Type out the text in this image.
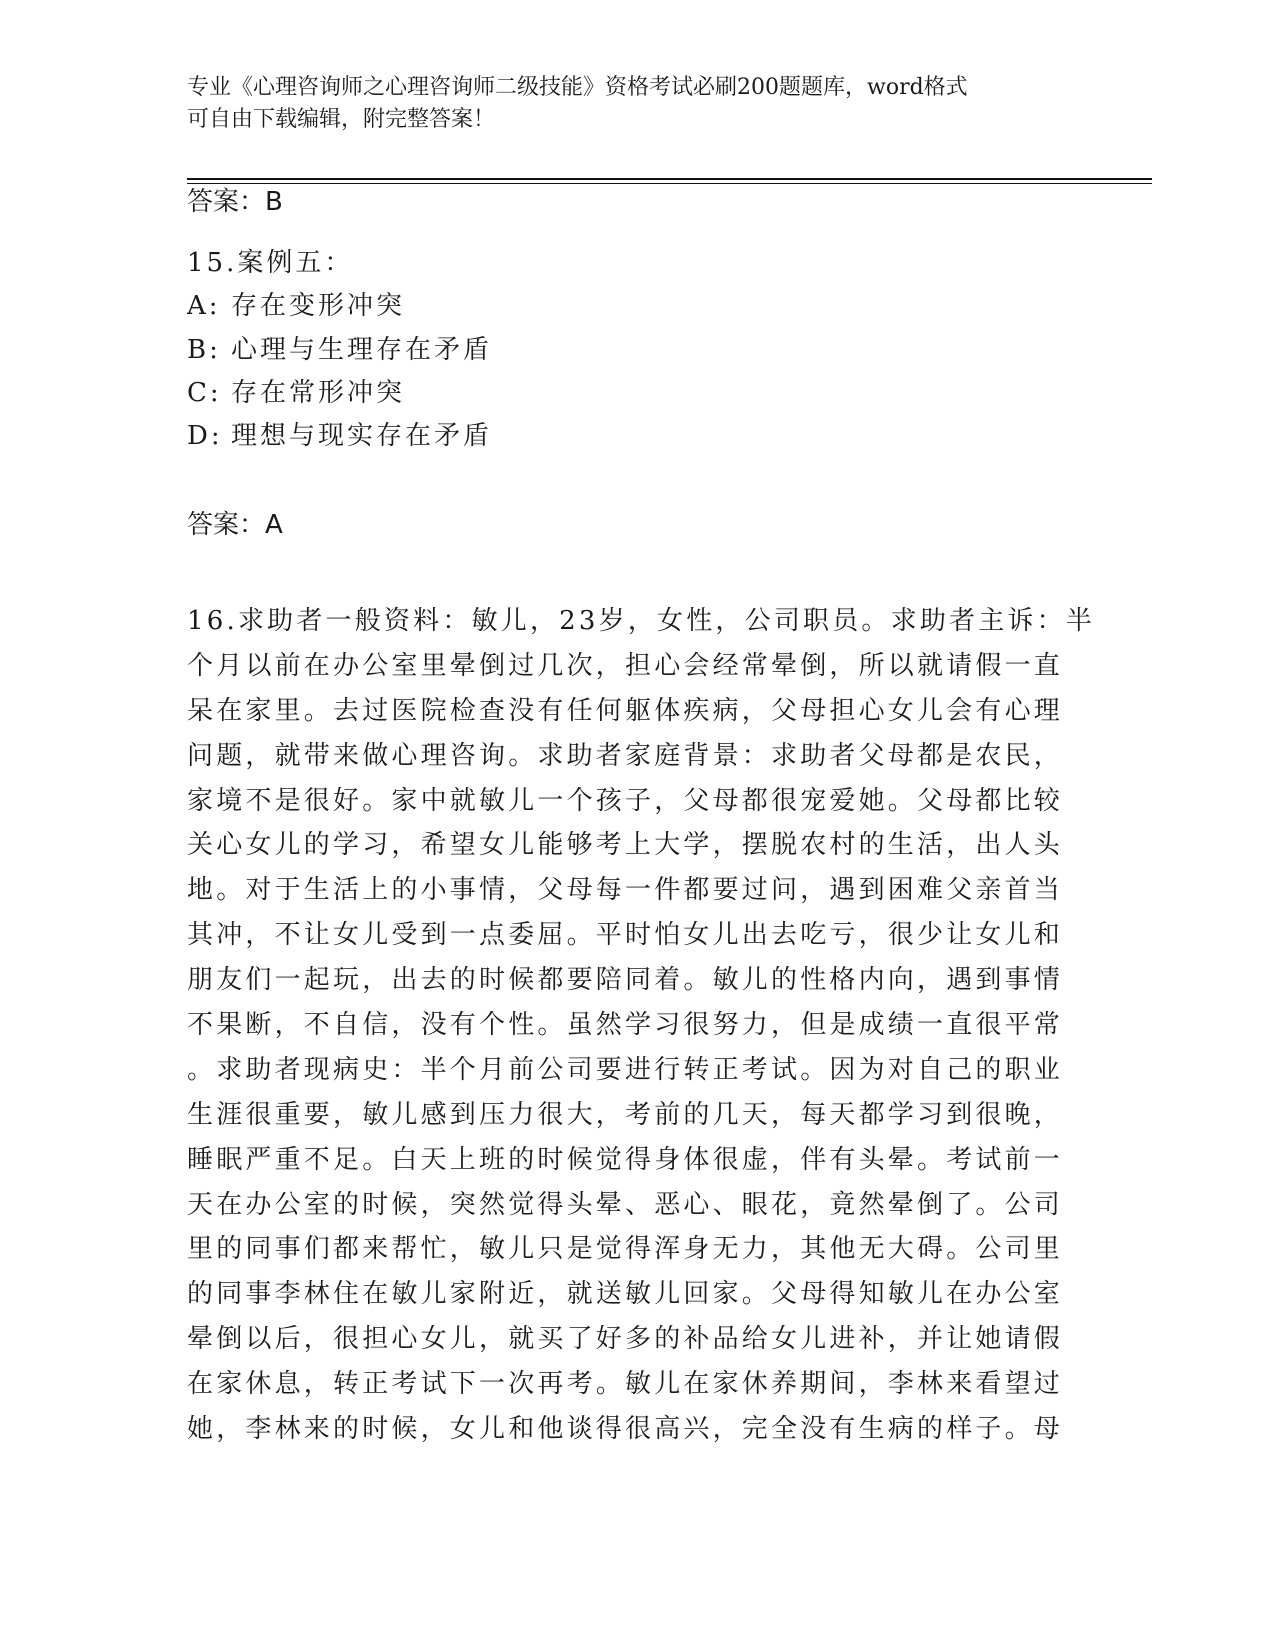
专业《心理咨询师之心理咨询师二级技能》资格考试必刷200题题库，word格式
可自由下载编辑，附完整答案！
答案：B
15.案例五：
A: 存在变形冲突
B: 心理与生理存在矛盾
C: 存在常形冲突
D: 理想与现实存在矛盾
答案：A
16.求助者一般资料：敏儿，23岁，女性，公司职员。求助者主诉：半
个月以前在办公室里晕倒过几次，担心会经常晕倒，所以就请假一直
呆在家里。去过医院检查没有任何躯体疾病，父母担心女儿会有心理
问题，就带来做心理咨询。求助者家庭背景：求助者父母都是农民，
家境不是很好。家中就敏儿一个孩子，父母都很宠爱她。父母都比较
关心女儿的学习，希望女儿能够考上大学，摆脱农村的生活，出人头
地。对于生活上的小事情，父母每一件都要过问，遇到困难父亲首当
其冲，不让女儿受到一点委屈。平时怕女儿出去吃亏，很少让女儿和
朋友们一起玩，出去的时候都要陪同着。敏儿的性格内向，遇到事情
不果断，不自信，没有个性。虽然学习很努力，但是成绩一直很平常
。求助者现病史：半个月前公司要进行转正考试。因为对自己的职业
生涯很重要，敏儿感到压力很大，考前的几天，每天都学习到很晚，
睡眠严重不足。白天上班的时候觉得身体很虚，伴有头晕。考试前一
天在办公室的时候，突然觉得头晕、恶心、眼花，竟然晕倒了。公司
里的同事们都来帮忙，敏儿只是觉得浑身无力，其他无大碍。公司里
的同事李林住在敏儿家附近，就送敏儿回家。父母得知敏儿在办公室
晕倒以后，很担心女儿，就买了好多的补品给女儿进补，并让她请假
在家休息，转正考试下一次再考。敏儿在家休养期间，李林来看望过
她，李林来的时候，女儿和他谈得很高兴，完全没有生病的样子。母
